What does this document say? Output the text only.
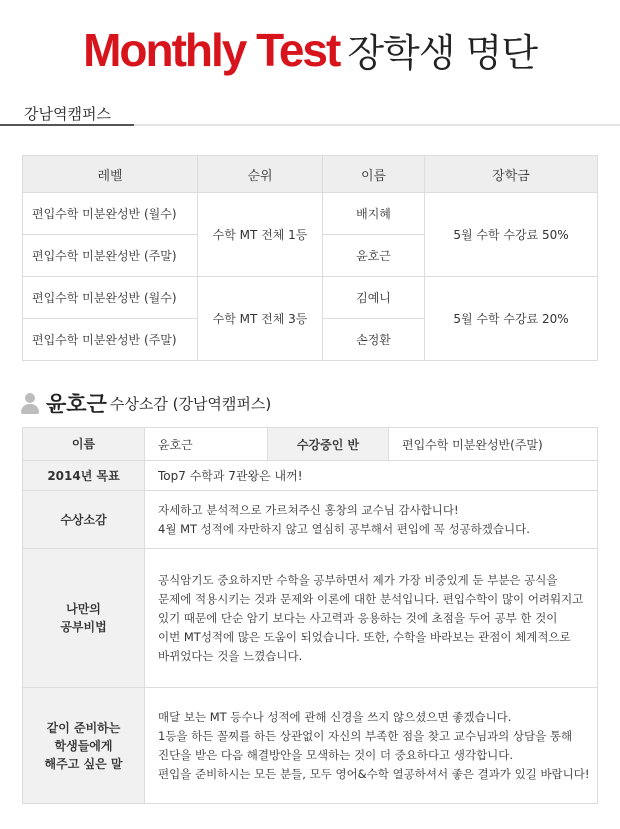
Monthly Test 장학생 명단
강남역캠퍼스
레벨	순위	이름	장학금
편입수학 미분완성반 (월수)	수학 MT 전체 1등	배지혜	5월 수학 수강료 50%
편입수학 미분완성반 (주말)		윤호근	
편입수학 미분완성반 (월수)	수학 MT 전체 3등	김예니	5월 수학 수강료 20%
편입수학 미분완성반 (주말)		손정환	
윤호근 수상소감 (강남역캠퍼스)
이름	윤호근	수강중인 반	편입수학 미분완성반(주말)
2014년 목표	Top7 수학과 7관왕은 내꺼!		
수상소감	자세하고 분석적으로 가르쳐주신 홍창의 교수님 감사합니다!
4월 MT 성적에 자만하지 않고 열심히 공부해서 편입에 꼭 성공하겠습니다.		

나만의
공부비법	공식암기도 중요하지만 수학을 공부하면서 제가 가장 비중있게 둔 부분은 공식을
문제에 적용시키는 것과 문제와 이론에 대한 분석입니다. 편입수학이 많이 어려워지고
있기 때문에 단순 암기 보다는 사고력과 응용하는 것에 초점을 두어 공부 한 것이
이번 MT성적에 많은 도움이 되었습니다. 또한, 수학을 바라보는 관점이 체계적으로
바뀌었다는 것을 느꼈습니다.		

같이 준비하는
학생들에게
해주고 싶은 말	매달 보는 MT 등수나 성적에 관해 신경을 쓰지 않으셨으면 좋겠습니다.
1등을 하든 꼴찌를 하든 상관없이 자신의 부족한 점을 찾고 교수님과의 상담을 통해
진단을 받은 다음 해결방안을 모색하는 것이 더 중요하다고 생각합니다.
편입을 준비하시는 모든 분들, 모두 영어&수학 열공하셔서 좋은 결과가 있길 바랍니다!		
